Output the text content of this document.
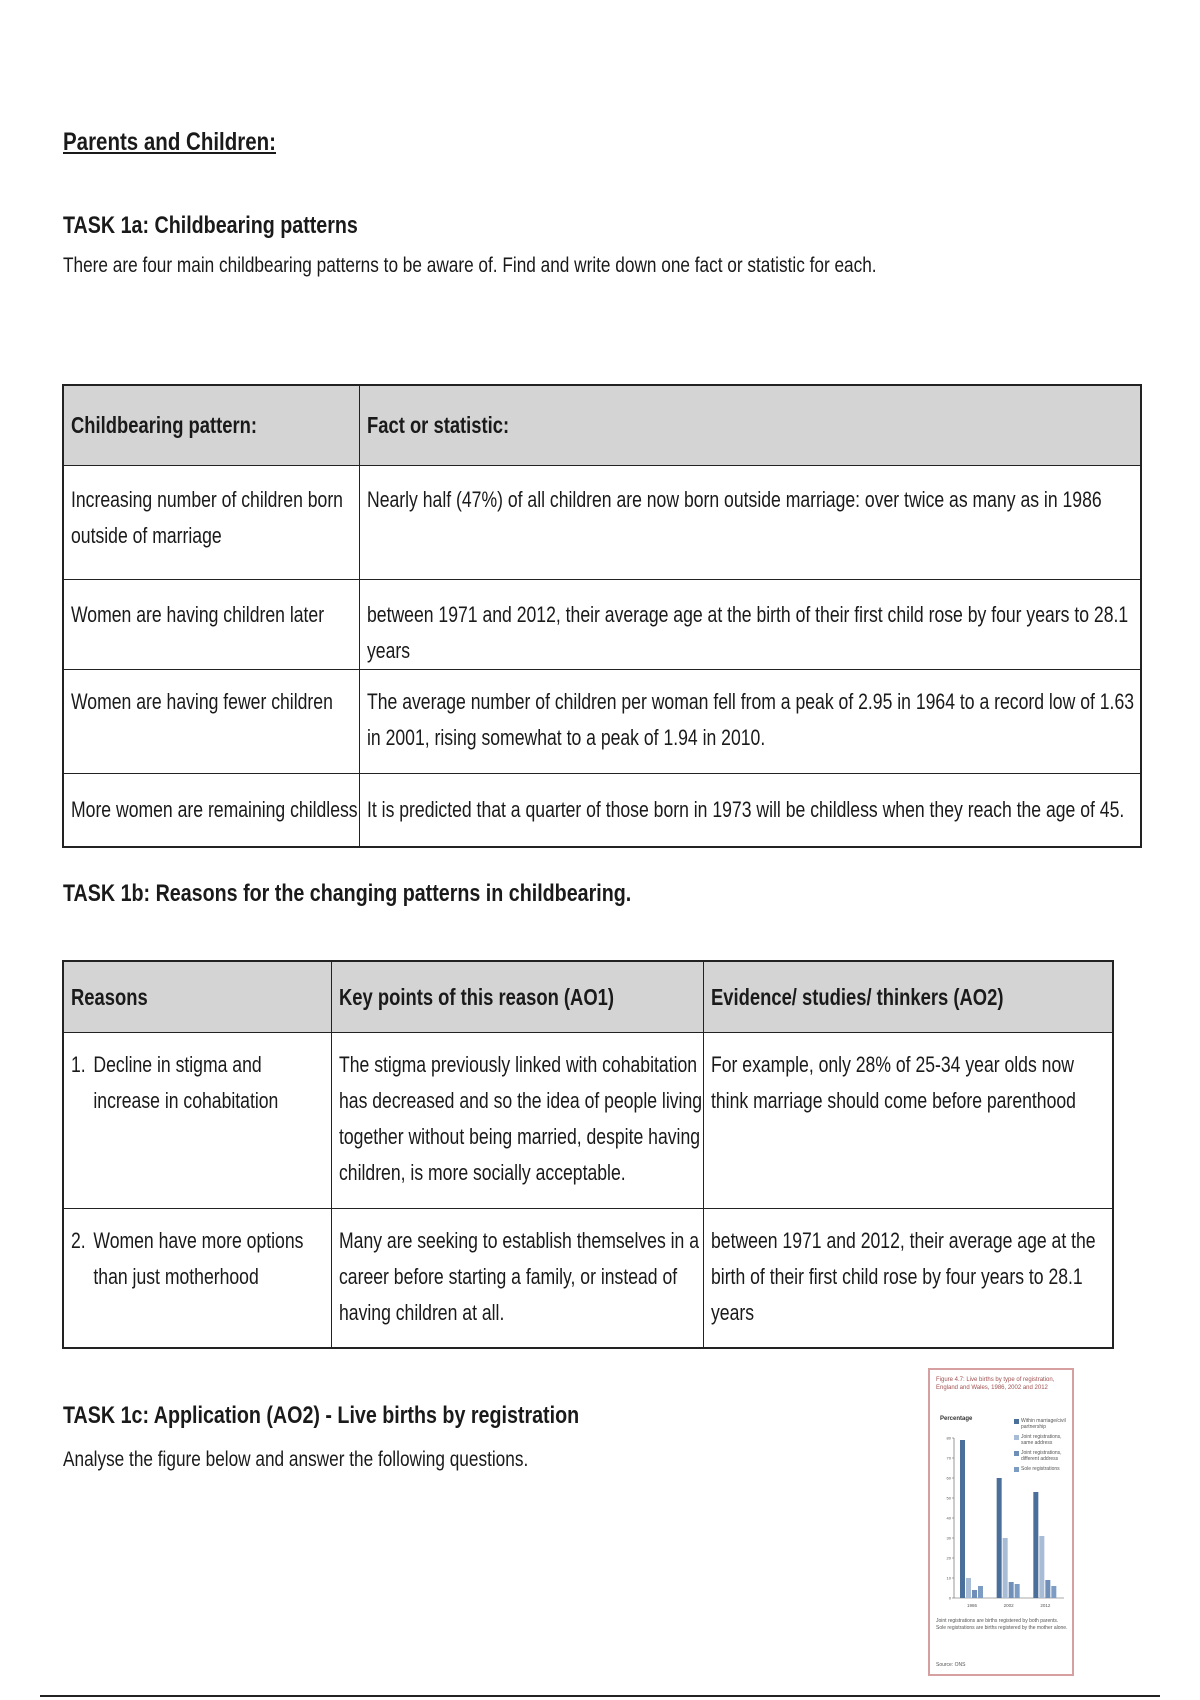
Parents and Children:
TASK 1a: Childbearing patterns
There are four main childbearing patterns to be aware of. Find and write down one fact or statistic for each.
Childbearing pattern:	Fact or statistic:

Increasing number of children born outside of marriage	Nearly half (47%) of all children are now born outside marriage: over twice as many as in 1986

Women are having children later	between 1971 and 2012, their average age at the birth of their first child rose by four years to 28.1 years

Women are having fewer children	The average number of children per woman fell from a peak of 2.95 in 1964 to a record low of 1.63 in 2001, rising somewhat to a peak of 1.94 in 2010.

More women are remaining childless	It is predicted that a quarter of those born in 1973 will be childless when they reach the age of 45.
TASK 1b: Reasons for the changing patterns in childbearing.
Reasons	Key points of this reason (AO1)	Evidence/ studies/ thinkers (AO2)

1. Decline in stigma and increase in cohabitation	The stigma previously linked with cohabitation has decreased and so the idea of people living together without being married, despite having children, is more socially acceptable.	For example, only 28% of 25-34 year olds now think marriage should come before parenthood

2. Women have more options than just motherhood	Many are seeking to establish themselves in a career before starting a family, or instead of having children at all.	between 1971 and 2012, their average age at the birth of their first child rose by four years to 28.1 years
TASK 1c: Application (AO2) - Live births by registration
Analyse the figure below and answer the following questions.
Figure 4.7: Live births by type of registration, England and Wales, 1986, 2002 and 2012
Percentage	Within marriage/civil partnership
Joint registrations, same address
Joint registrations, different address
Sole registrations
0
10
20
30
40
50
60
70
80
1986	2002	2012
Joint registrations are births registered by both parents. Sole registrations are births registered by the mother alone.
Source: ONS
